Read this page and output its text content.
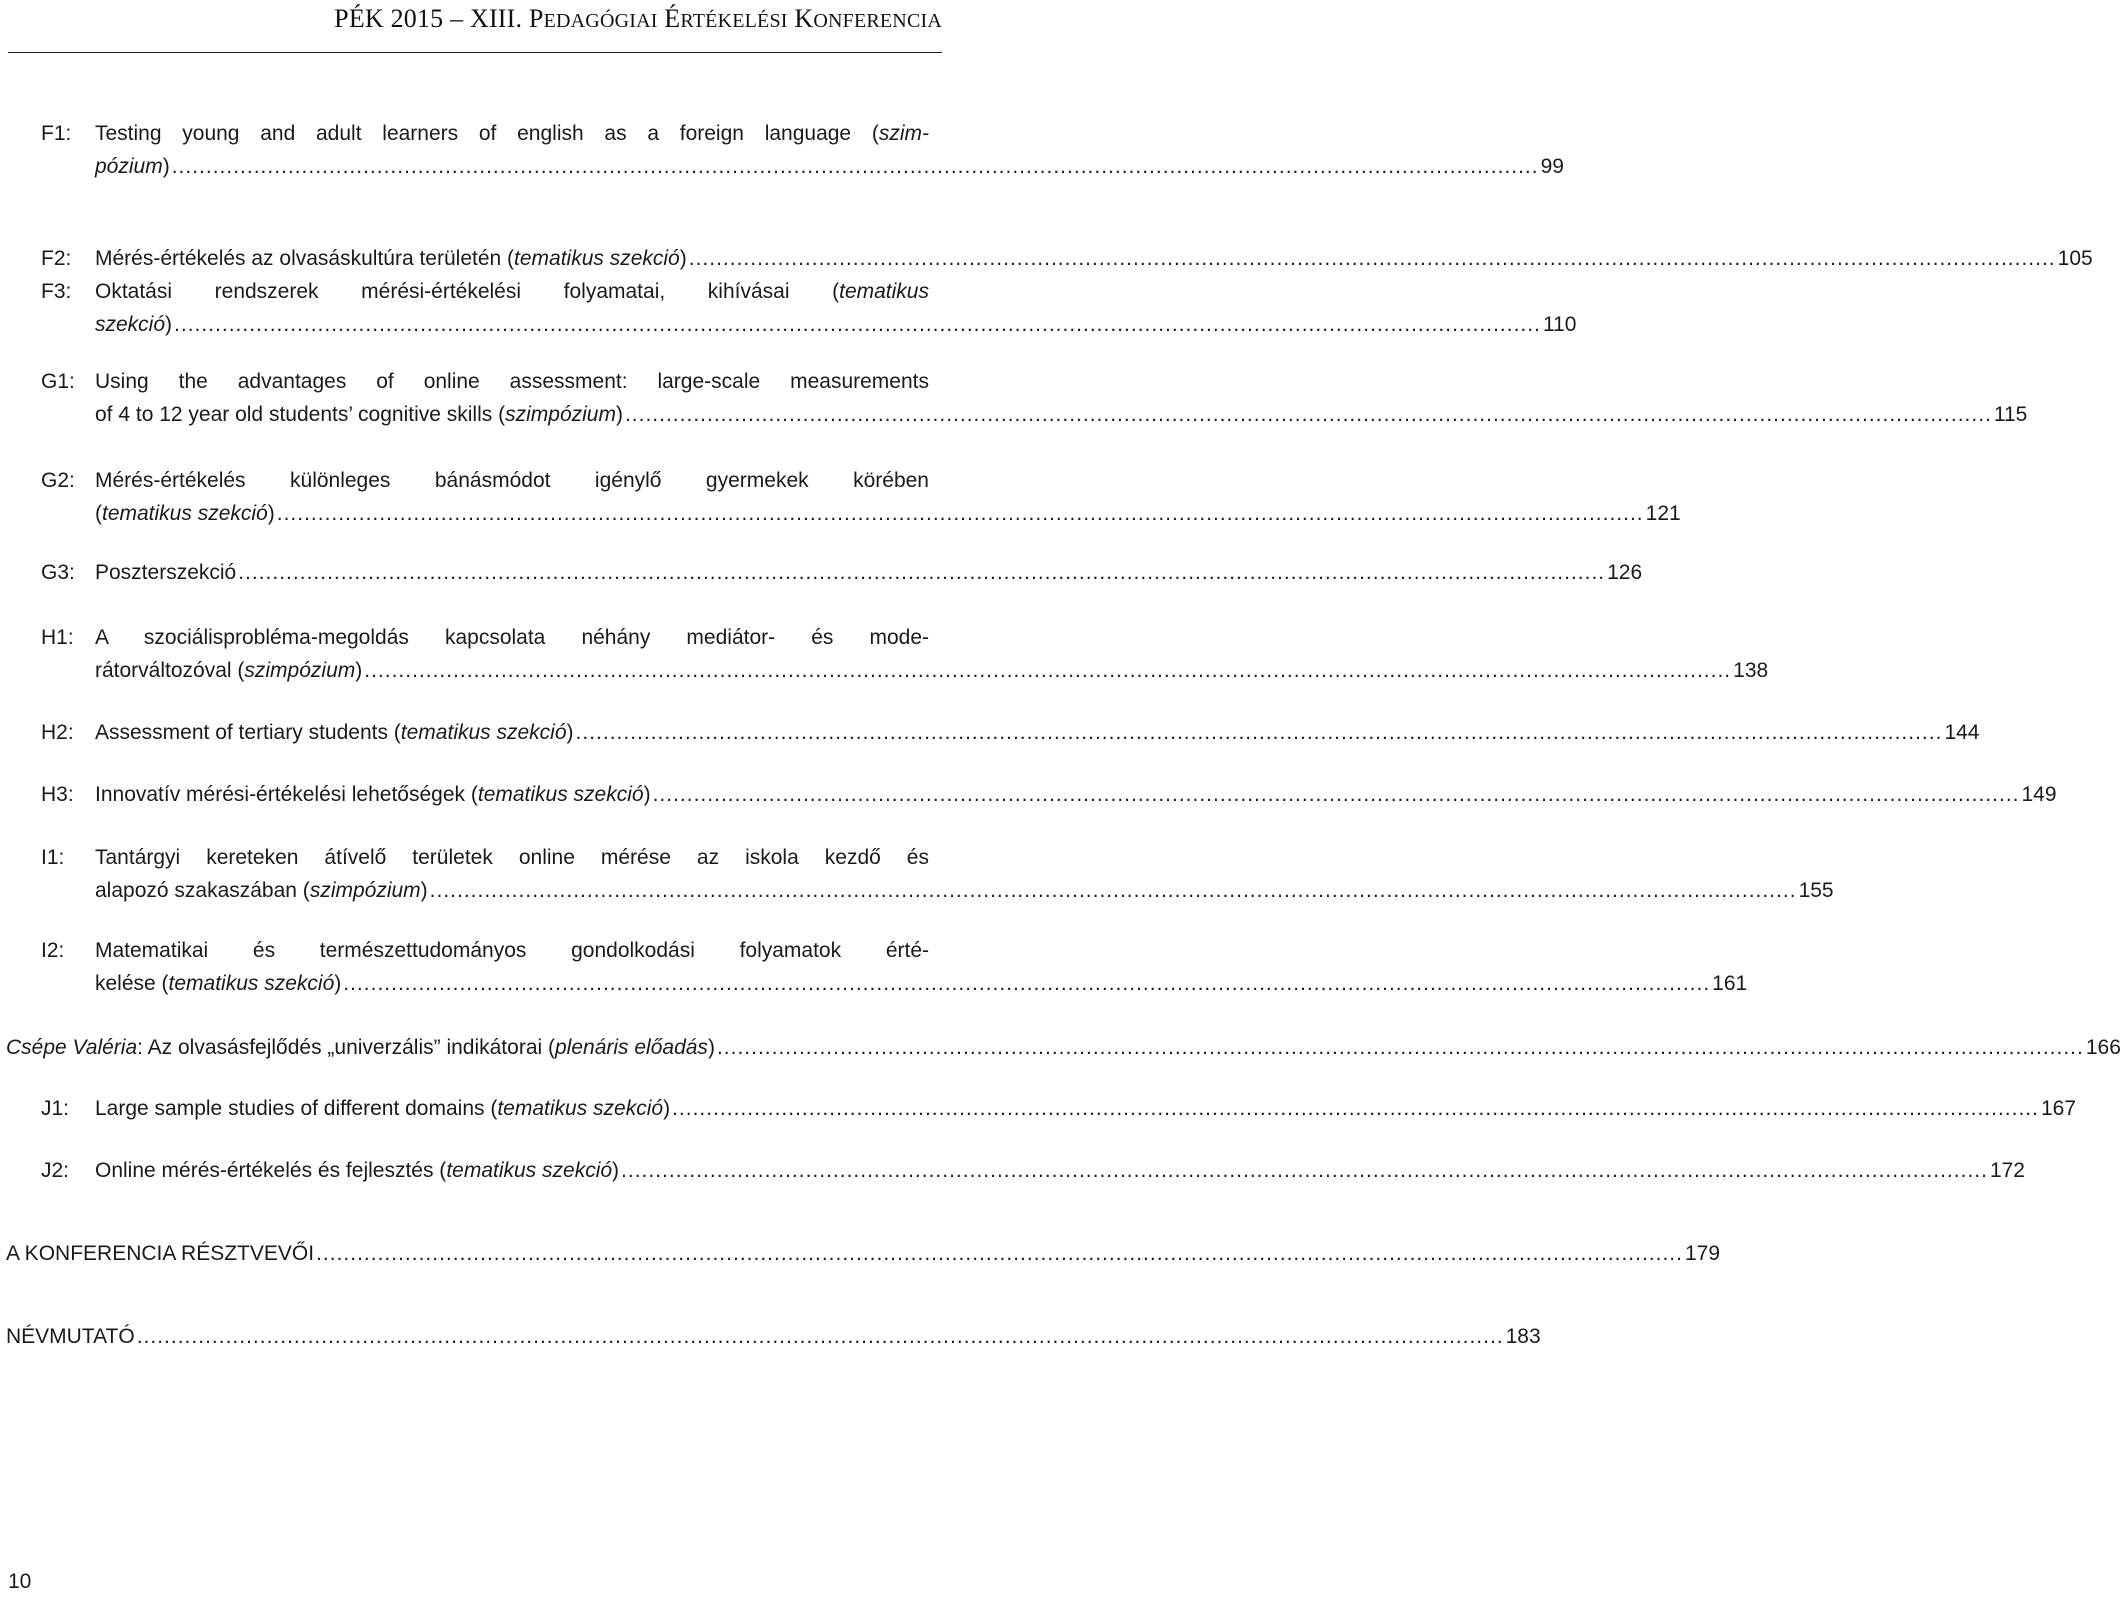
PÉK 2015 – XIII. PEDAGÓGIAI ÉRTÉKELÉSI KONFERENCIA
F1:	Testing young and adult learners of english as a foreign language (szim-
pózium) ........................................................................................................................................................................................................ 99
F2:	Mérés-értékelés az olvasáskultúra területén (tematikus szekció) ........................................................................................................................................................................................................ 105
F3:	Oktatási rendszerek mérési-értékelési folyamatai, kihívásai (tematikus
szekció) ........................................................................................................................................................................................................ 110
G1: Using the advantages of online assessment: large-scale measurements
of 4 to 12 year old students’ cognitive skills (szimpózium) ........................................................................................................................................................................................................ 115
G2: Mérés-értékelés különleges bánásmódot igénylő gyermekek körében
(tematikus szekció) ........................................................................................................................................................................................................ 121
G3: Poszterszekció ........................................................................................................................................................................................................ 126
H1:	A szociálisprobléma-megoldás kapcsolata néhány mediátor- és mode-
rátorváltozóval (szimpózium) ........................................................................................................................................................................................................ 138
H2:	Assessment of tertiary students (tematikus szekció) ........................................................................................................................................................................................................ 144
H3:	Innovatív mérési-értékelési lehetőségek (tematikus szekció) ........................................................................................................................................................................................................ 149
I1:	Tantárgyi kereteken átívelő területek online mérése az iskola kezdő és
alapozó szakaszában (szimpózium) ........................................................................................................................................................................................................ 155
I2:	Matematikai és természettudományos gondolkodási folyamatok érté-
kelése (tematikus szekció) ........................................................................................................................................................................................................ 161
Csépe Valéria: Az olvasásfejlődés „univerzális” indikátorai (plenáris előadás) ........................................................................................................................................................................................................ 166
J1:	Large sample studies of different domains (tematikus szekció) ........................................................................................................................................................................................................ 167
J2:	Online mérés-értékelés és fejlesztés (tematikus szekció) ........................................................................................................................................................................................................ 172
A KONFERENCIA RÉSZTVEVŐI ........................................................................................................................................................................................................ 179
NÉVMUTATÓ ........................................................................................................................................................................................................ 183
10
